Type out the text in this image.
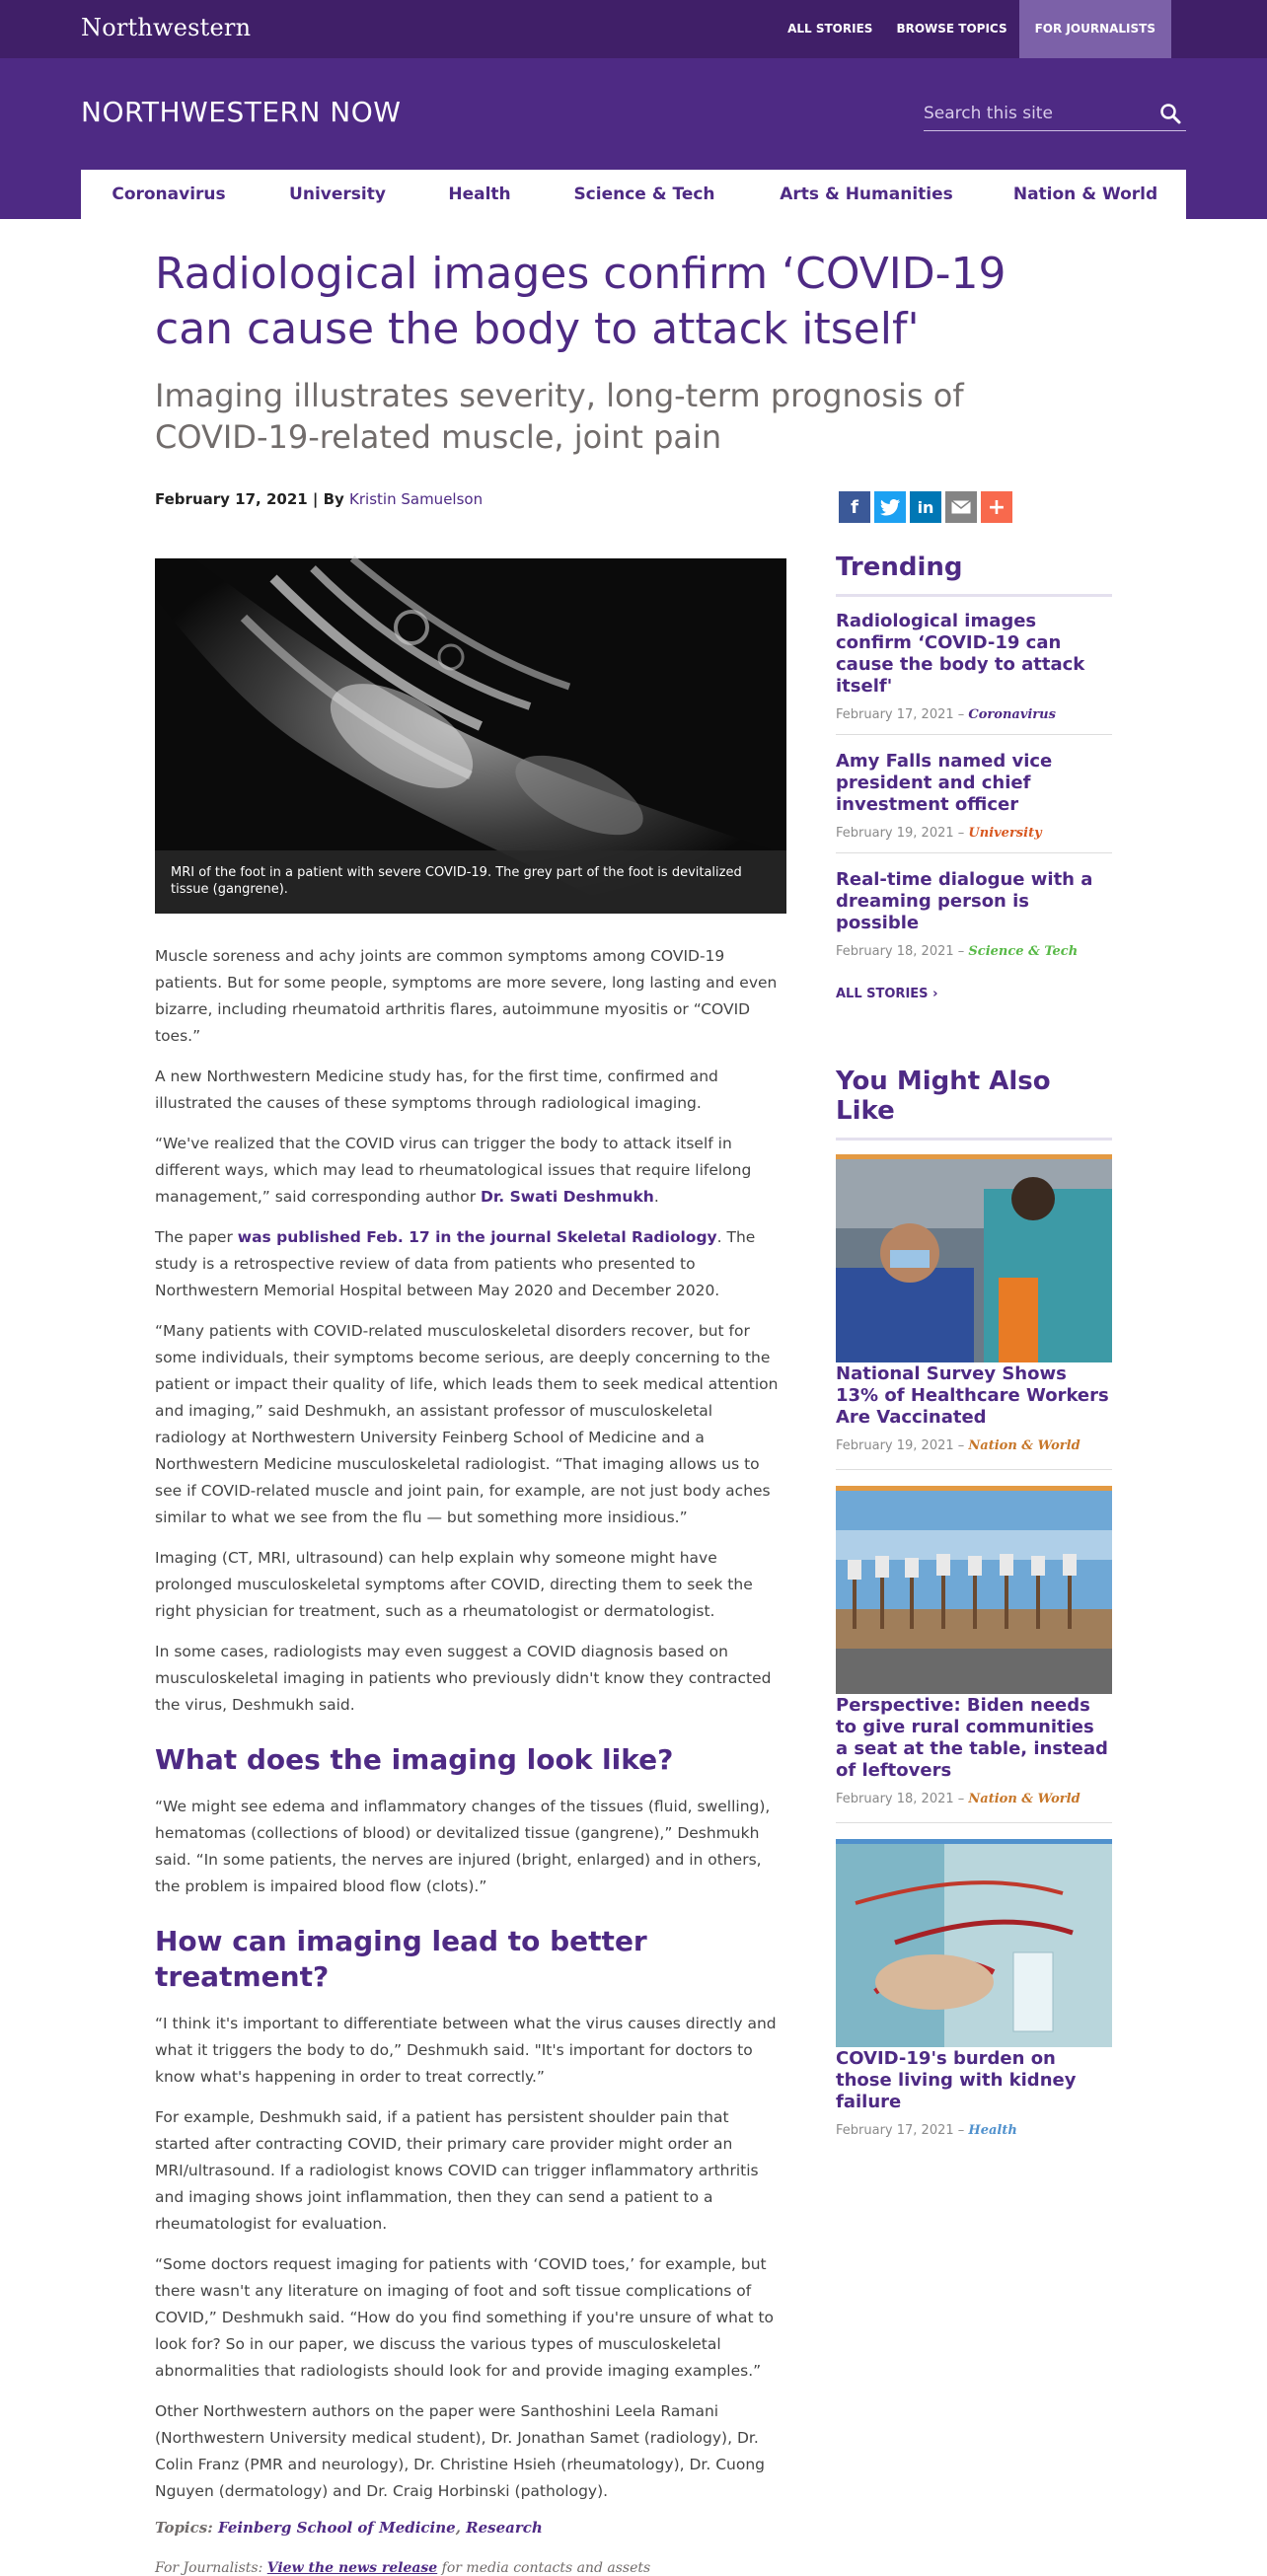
Northwestern	ALL STORIES	BROWSE TOPICS	FOR JOURNALISTS
NORTHWESTERN NOW
Search this site
Coronavirus	University	Health	Science & Tech	Arts & Humanities	Nation & World
Radiological images confirm ‘COVID-19 can cause the body to attack itself'
Imaging illustrates severity, long-term prognosis of COVID-19-related muscle, joint pain
February 17, 2021 | By Kristin Samuelson	f	in	+
MRI of the foot in a patient with severe COVID-19. The grey part of the foot is devitalized tissue (gangrene).

Muscle soreness and achy joints are common symptoms among COVID-19 patients. But for some people, symptoms are more severe, long lasting and even bizarre, including rheumatoid arthritis flares, autoimmune myositis or “COVID toes.”

A new Northwestern Medicine study has, for the first time, confirmed and illustrated the causes of these symptoms through radiological imaging.

“We've realized that the COVID virus can trigger the body to attack itself in different ways, which may lead to rheumatological issues that require lifelong management,” said corresponding author Dr. Swati Deshmukh.

The paper was published Feb. 17 in the journal Skeletal Radiology. The study is a retrospective review of data from patients who presented to Northwestern Memorial Hospital between May 2020 and December 2020.

“Many patients with COVID-related musculoskeletal disorders recover, but for some individuals, their symptoms become serious, are deeply concerning to the patient or impact their quality of life, which leads them to seek medical attention and imaging,” said Deshmukh, an assistant professor of musculoskeletal radiology at Northwestern University Feinberg School of Medicine and a Northwestern Medicine musculoskeletal radiologist. “That imaging allows us to see if COVID-related muscle and joint pain, for example, are not just body aches similar to what we see from the flu — but something more insidious.”

Imaging (CT, MRI, ultrasound) can help explain why someone might have prolonged musculoskeletal symptoms after COVID, directing them to seek the right physician for treatment, such as a rheumatologist or dermatologist.

In some cases, radiologists may even suggest a COVID diagnosis based on musculoskeletal imaging in patients who previously didn't know they contracted the virus, Deshmukh said.

What does the imaging look like?

“We might see edema and inflammatory changes of the tissues (fluid, swelling), hematomas (collections of blood) or devitalized tissue (gangrene),” Deshmukh said. “In some patients, the nerves are injured (bright, enlarged) and in others, the problem is impaired blood flow (clots).”

How can imaging lead to better treatment?

“I think it's important to differentiate between what the virus causes directly and what it triggers the body to do,” Deshmukh said. "It's important for doctors to know what's happening in order to treat correctly.”

For example, Deshmukh said, if a patient has persistent shoulder pain that started after contracting COVID, their primary care provider might order an MRI/ultrasound. If a radiologist knows COVID can trigger inflammatory arthritis and imaging shows joint inflammation, then they can send a patient to a rheumatologist for evaluation.

“Some doctors request imaging for patients with ‘COVID toes,’ for example, but there wasn't any literature on imaging of foot and soft tissue complications of COVID,” Deshmukh said. “How do you find something if you're unsure of what to look for? So in our paper, we discuss the various types of musculoskeletal abnormalities that radiologists should look for and provide imaging examples.”

Other Northwestern authors on the paper were Santhoshini Leela Ramani (Northwestern University medical student), Dr. Jonathan Samet (radiology), Dr. Colin Franz (PMR and neurology), Dr. Christine Hsieh (rheumatology), Dr. Cuong Nguyen (dermatology) and Dr. Craig Horbinski (pathology).

Topics: Feinberg School of Medicine, Research
For Journalists: View the news release for media contacts and assets
Trending
Radiological images confirm ‘COVID-19 can cause the body to attack itself'
February 17, 2021 – Coronavirus
Amy Falls named vice president and chief investment officer
February 19, 2021 – University
Real-time dialogue with a dreaming person is possible
February 18, 2021 – Science & Tech
ALL STORIES ›
You Might Also Like
National Survey Shows 13% of Healthcare Workers Are Vaccinated
February 19, 2021 – Nation & World
Perspective: Biden needs to give rural communities a seat at the table, instead of leftovers
February 18, 2021 – Nation & World
COVID-19's burden on those living with kidney failure
February 17, 2021 – Health
